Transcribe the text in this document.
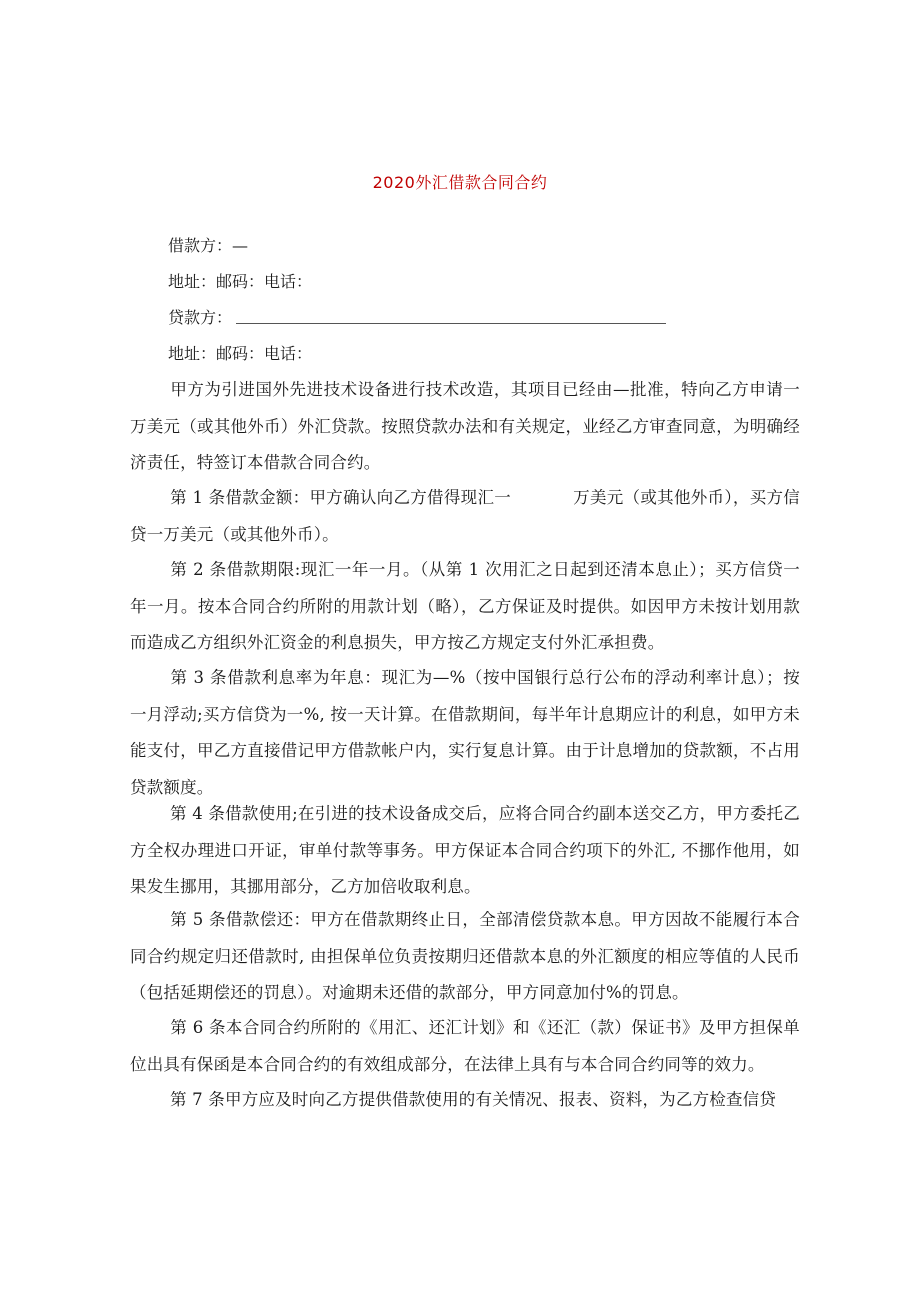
2020外汇借款合同合约
借款方：—
地址：邮码：电话：
贷款方：
地址：邮码：电话：
甲方为引进国外先进技术设备进行技术改造，其项目已经由—批准，特向乙方申请一万美元（或其他外币）外汇贷款。按照贷款办法和有关规定，业经乙方审查同意，为明确经济责任，特签订本借款合同合约。
第 1 条借款金额：甲方确认向乙方借得现汇一	万美元（或其他外币），买方信贷一万美元（或其他外币）。
第 2 条借款期限:现汇一年一月。（从第 1 次用汇之日起到还清本息止）；买方信贷一年一月。按本合同合约所附的用款计划（略），乙方保证及时提供。如因甲方未按计划用款而造成乙方组织外汇资金的利息损失，甲方按乙方规定支付外汇承担费。
第 3 条借款利息率为年息：现汇为—%（按中国银行总行公布的浮动利率计息）；按一月浮动;买方信贷为一%, 按一天计算。在借款期间，每半年计息期应计的利息，如甲方未能支付，甲乙方直接借记甲方借款帐户内，实行复息计算。由于计息增加的贷款额，不占用贷款额度。
第 4 条借款使用;在引进的技术设备成交后，应将合同合约副本送交乙方，甲方委托乙方全权办理进口开证，审单付款等事务。甲方保证本合同合约项下的外汇, 不挪作他用，如果发生挪用，其挪用部分，乙方加倍收取利息。
第 5 条借款偿还：甲方在借款期终止日，全部清偿贷款本息。甲方因故不能履行本合同合约规定归还借款时, 由担保单位负责按期归还借款本息的外汇额度的相应等值的人民币（包括延期偿还的罚息）。对逾期未还借的款部分，甲方同意加付%的罚息。
第 6 条本合同合约所附的《用汇、还汇计划》和《还汇（款）保证书》及甲方担保单位出具有保函是本合同合约的有效组成部分，在法律上具有与本合同合约同等的效力。
第 7 条甲方应及时向乙方提供借款使用的有关情况、报表、资料，为乙方检查信贷
